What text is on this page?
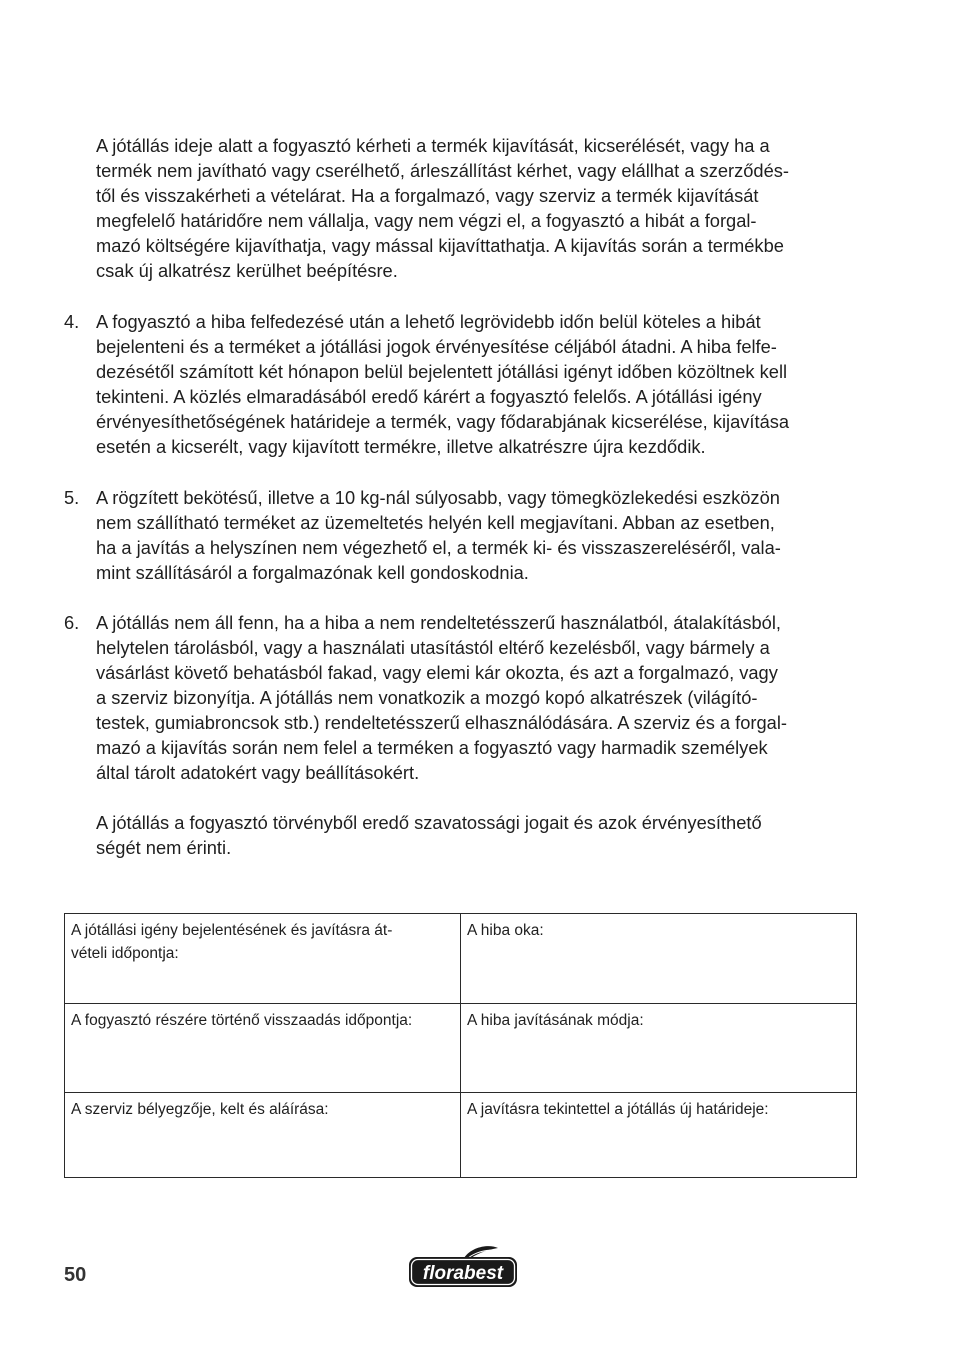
A jótállás ideje alatt a fogyasztó kérheti a termék kijavítását, kicserélését, vagy ha a
termék nem javítható vagy cserélhető, árleszállítást kérhet, vagy elállhat a szerződés-
től és visszakérheti a vételárat. Ha a forgalmazó, vagy szerviz a termék kijavítását
megfelelő határidőre nem vállalja, vagy nem végzi el, a fogyasztó a hibát a forgal-
mazó költségére kijavíthatja, vagy mással kijavíttathatja. A kijavítás során a termékbe
csak új alkatrész kerülhet beépítésre.
4. A fogyasztó a hiba felfedezésé után a lehető legrövidebb időn belül köteles a hibát
bejelenteni és a terméket a jótállási jogok érvényesítése céljából átadni. A hiba felfe-
dezésétől számított két hónapon belül bejelentett jótállási igényt időben közöltnek kell
tekinteni. A közlés elmaradásából eredő kárért a fogyasztó felelős. A jótállási igény
érvényesíthetőségének határideje a termék, vagy fődarabjának kicserélése, kijavítása
esetén a kicserélt, vagy kijavított termékre, illetve alkatrészre újra kezdődik.
5. A rögzített bekötésű, illetve a 10 kg-nál súlyosabb, vagy tömegközlekedési eszközön
nem szállítható terméket az üzemeltetés helyén kell megjavítani. Abban az esetben,
ha a javítás a helyszínen nem végezhető el, a termék ki- és visszaszereléséről, vala-
mint szállításáról a forgalmazónak kell gondoskodnia.
6. A jótállás nem áll fenn, ha a hiba a nem rendeltetésszerű használatból, átalakításból,
helytelen tárolásból, vagy a használati utasítástól eltérő kezelésből, vagy bármely a
vásárlást követő behatásból fakad, vagy elemi kár okozta, és azt a forgalmazó, vagy
a szerviz bizonyítja. A jótállás nem vonatkozik a mozgó kopó alkatrészek (világító-
testek, gumiabroncsok stb.) rendeltetésszerű elhasználódására. A szerviz és a forgal-
mazó a kijavítás során nem felel a terméken a fogyasztó vagy harmadik személyek
által tárolt adatokért vagy beállításokért.
A jótállás a fogyasztó törvényből eredő szavatossági jogait és azok érvényesíthető
ségét nem érinti.
A jótállási igény bejelentésének és javításra át-
vételi időpontja:	A hiba oka:

A fogyasztó részére történő visszaadás időpontja:	A hiba javításának módja:

A szerviz bélyegzője, kelt és aláírása:	A javításra tekintettel a jótállás új határideje:
50	florabest
